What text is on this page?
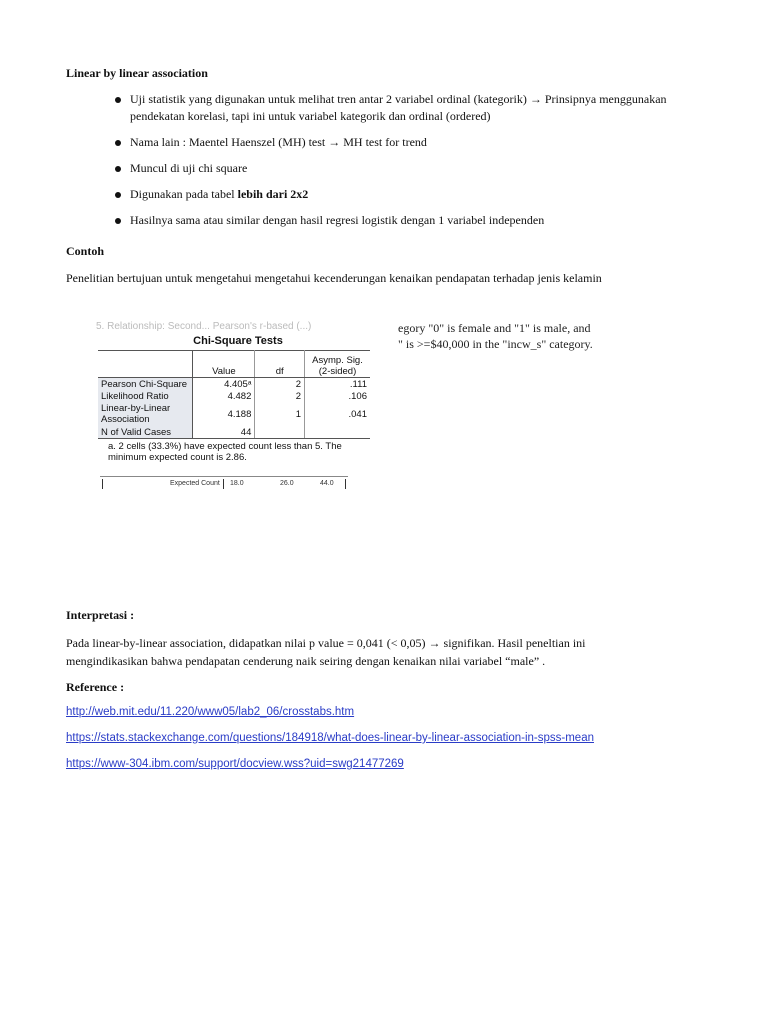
Linear by linear association
Uji statistik yang digunakan untuk melihat tren antar 2 variabel ordinal (kategorik) → Prinsipnya menggunakan pendekatan korelasi, tapi ini untuk variabel kategorik dan ordinal (ordered)
Nama lain : Maentel Haenszel (MH) test → MH test for trend
Muncul di uji chi square
Digunakan pada tabel lebih dari 2x2
Hasilnya sama atau similar dengan hasil regresi logistik dengan 1 variabel independen
Contoh
Penelitian bertujuan untuk mengetahui mengetahui kecenderungan kenaikan pendapatan terhadap jenis kelamin
5. Relationship: Second... Pearson's r-based (...)	egory "0" is female and "1" is male, and
" is >=$40,000 in the "incw_s" category.
Chi-Square Tests
	Value	df	Asymp. Sig. (2-sided)
Pearson Chi-Square	4.405ᵃ	2	.111
Likelihood Ratio	4.482	2	.106
Linear-by-Linear Association	4.188	1	.041
N of Valid Cases	44		
a. 2 cells (33.3%) have expected count less than 5. The minimum expected count is 2.86.
Expected Count 18.0	26.0	44.0
Interpretasi :
Pada linear-by-linear association, didapatkan nilai p value = 0,041 (< 0,05) → signifikan. Hasil peneltian ini mengindikasikan bahwa pendapatan cenderung naik seiring dengan kenaikan nilai variabel “male” .
Reference :
http://web.mit.edu/11.220/www05/lab2_06/crosstabs.htm
https://stats.stackexchange.com/questions/184918/what-does-linear-by-linear-association-in-spss-mean
https://www-304.ibm.com/support/docview.wss?uid=swg21477269
